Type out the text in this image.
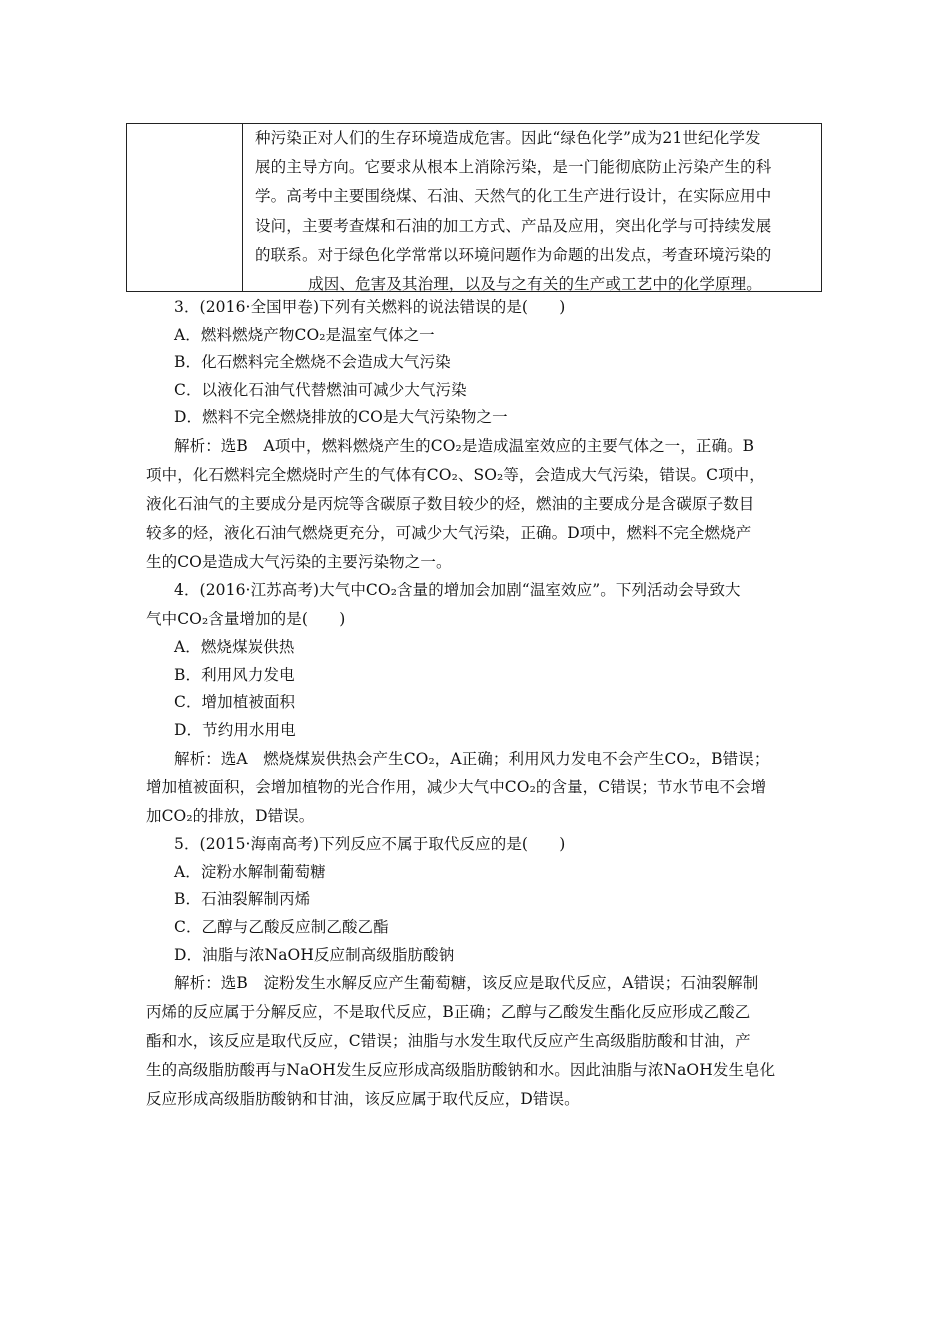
种污染正对人们的生存环境造成危害。因此“绿色化学”成为21世纪化学发
展的主导方向。它要求从根本上消除污染，是一门能彻底防止污染产生的科
学。高考中主要围绕煤、石油、天然气的化工生产进行设计，在实际应用中
设问，主要考查煤和石油的加工方式、产品及应用，突出化学与可持续发展
的联系。对于绿色化学常常以环境问题作为命题的出发点，考查环境污染的
成因、危害及其治理，以及与之有关的生产或工艺中的化学原理。
3．(2016·全国甲卷)下列有关燃料的说法错误的是(　　)
A．燃料燃烧产物CO₂是温室气体之一
B．化石燃料完全燃烧不会造成大气污染
C．以液化石油气代替燃油可减少大气污染
D．燃料不完全燃烧排放的CO是大气污染物之一
解析：选B　A项中，燃料燃烧产生的CO₂是造成温室效应的主要气体之一，正确。B
项中，化石燃料完全燃烧时产生的气体有CO₂、SO₂等，会造成大气污染，错误。C项中，
液化石油气的主要成分是丙烷等含碳原子数目较少的烃，燃油的主要成分是含碳原子数目
较多的烃，液化石油气燃烧更充分，可减少大气污染，正确。D项中，燃料不完全燃烧产
生的CO是造成大气污染的主要污染物之一。
4．(2016·江苏高考)大气中CO₂含量的增加会加剧“温室效应”。下列活动会导致大
气中CO₂含量增加的是(　　)
A．燃烧煤炭供热
B．利用风力发电
C．增加植被面积
D．节约用水用电
解析：选A　燃烧煤炭供热会产生CO₂，A正确；利用风力发电不会产生CO₂，B错误；
增加植被面积，会增加植物的光合作用，减少大气中CO₂的含量，C错误；节水节电不会增
加CO₂的排放，D错误。
5．(2015·海南高考)下列反应不属于取代反应的是(　　)
A．淀粉水解制葡萄糖
B．石油裂解制丙烯
C．乙醇与乙酸反应制乙酸乙酯
D．油脂与浓NaOH反应制高级脂肪酸钠
解析：选B　淀粉发生水解反应产生葡萄糖，该反应是取代反应，A错误；石油裂解制
丙烯的反应属于分解反应，不是取代反应，B正确；乙醇与乙酸发生酯化反应形成乙酸乙
酯和水，该反应是取代反应，C错误；油脂与水发生取代反应产生高级脂肪酸和甘油，产
生的高级脂肪酸再与NaOH发生反应形成高级脂肪酸钠和水。因此油脂与浓NaOH发生皂化
反应形成高级脂肪酸钠和甘油，该反应属于取代反应，D错误。
